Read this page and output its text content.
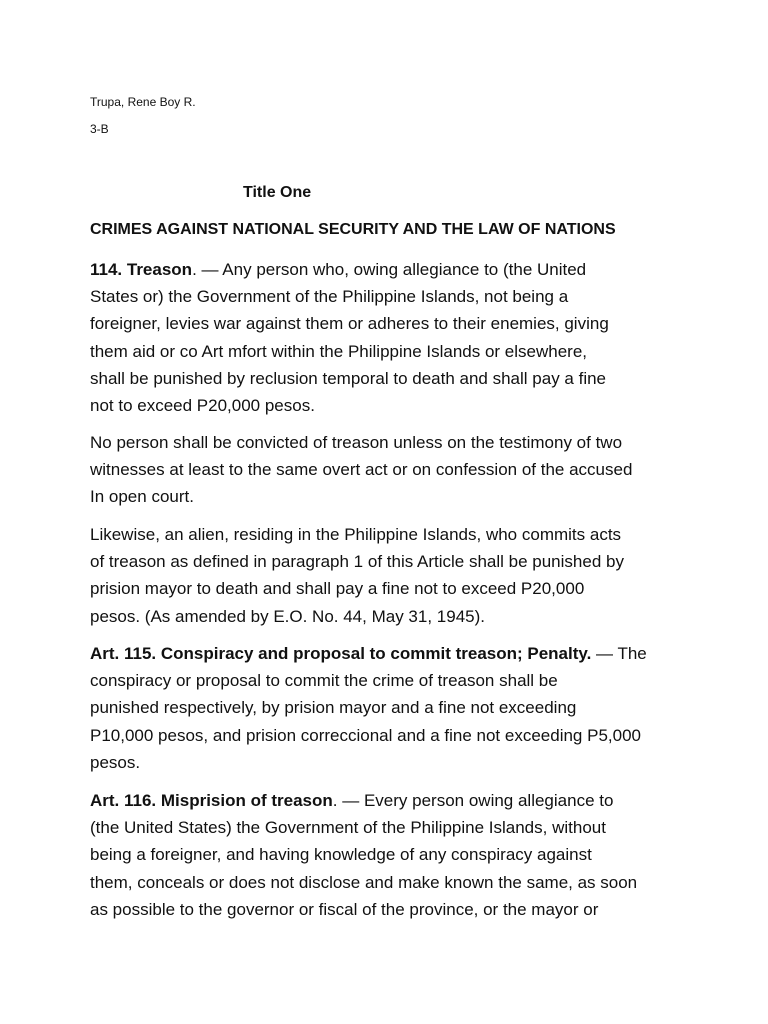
Trupa, Rene Boy R.
3-B
Title One
CRIMES AGAINST NATIONAL SECURITY AND THE LAW OF NATIONS
114. Treason. — Any person who, owing allegiance to (the United
States or) the Government of the Philippine Islands, not being a
foreigner, levies war against them or adheres to their enemies, giving
them aid or co Art mfort within the Philippine Islands or elsewhere,
shall be punished by reclusion temporal to death and shall pay a fine
not to exceed P20,000 pesos.
No person shall be convicted of treason unless on the testimony of two
witnesses at least to the same overt act or on confession of the accused
In open court.
Likewise, an alien, residing in the Philippine Islands, who commits acts
of treason as defined in paragraph 1 of this Article shall be punished by
prision mayor to death and shall pay a fine not to exceed P20,000
pesos. (As amended by E.O. No. 44, May 31, 1945).
Art. 115. Conspiracy and proposal to commit treason; Penalty. — The
conspiracy or proposal to commit the crime of treason shall be
punished respectively, by prision mayor and a fine not exceeding
P10,000 pesos, and prision correccional and a fine not exceeding P5,000
pesos.
Art. 116. Misprision of treason. — Every person owing allegiance to
(the United States) the Government of the Philippine Islands, without
being a foreigner, and having knowledge of any conspiracy against
them, conceals or does not disclose and make known the same, as soon
as possible to the governor or fiscal of the province, or the mayor or
